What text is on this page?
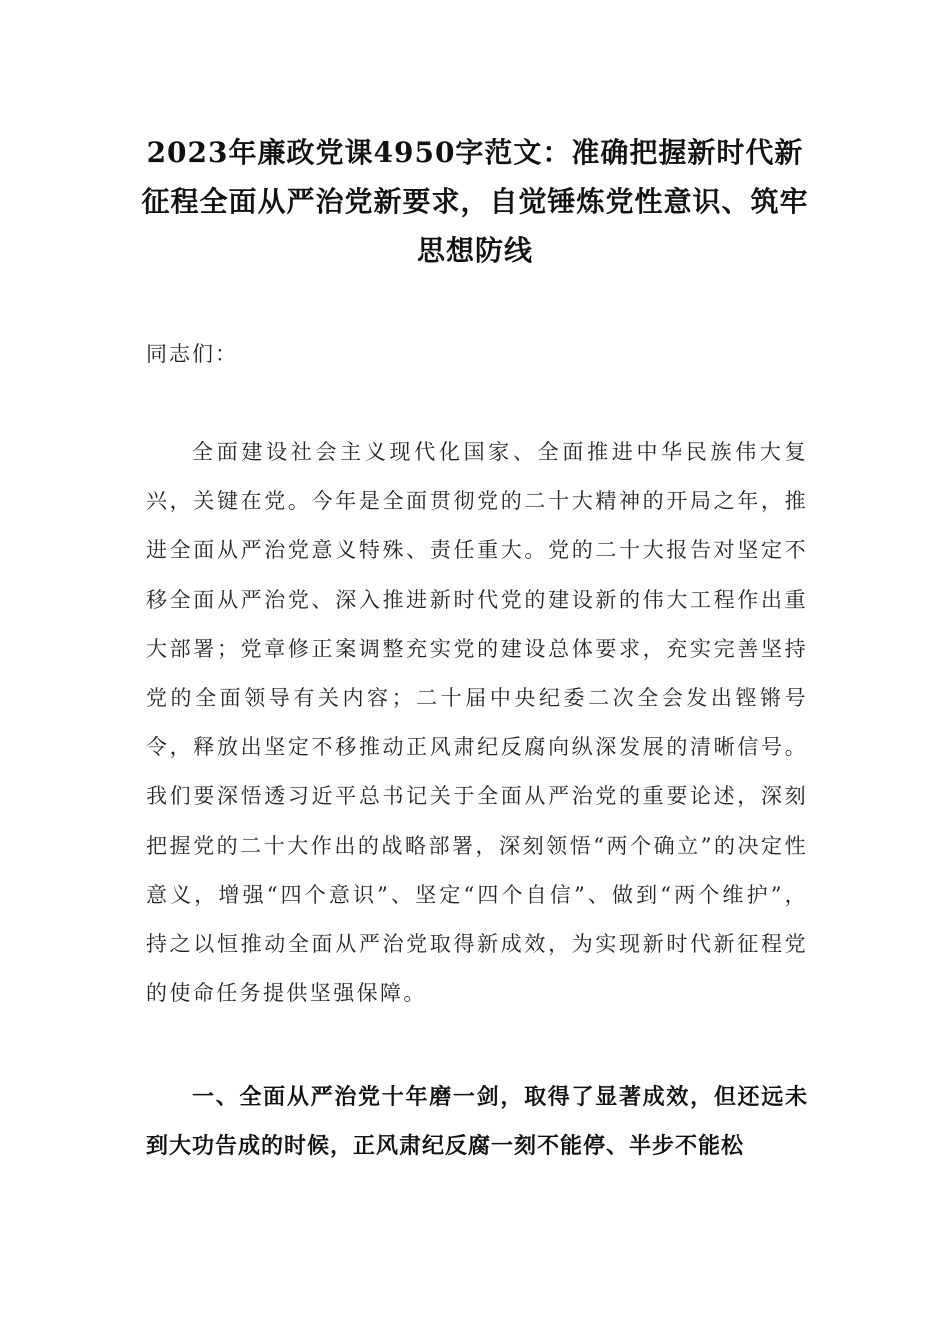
2023年廉政党课4950字范文：准确把握新时代新征程全面从严治党新要求，自觉锤炼党性意识、筑牢思想防线

同志们：

全面建设社会主义现代化国家、全面推进中华民族伟大复兴，关键在党。今年是全面贯彻党的二十大精神的开局之年，推进全面从严治党意义特殊、责任重大。党的二十大报告对坚定不移全面从严治党、深入推进新时代党的建设新的伟大工程作出重大部署；党章修正案调整充实党的建设总体要求，充实完善坚持党的全面领导有关内容；二十届中央纪委二次全会发出铿锵号令，释放出坚定不移推动正风肃纪反腐向纵深发展的清晰信号。我们要深悟透习近平总书记关于全面从严治党的重要论述，深刻把握党的二十大作出的战略部署，深刻领悟“两个确立”的决定性意义，增强“四个意识”、坚定“四个自信”、做到“两个维护”，持之以恒推动全面从严治党取得新成效，为实现新时代新征程党的使命任务提供坚强保障。

一、全面从严治党十年磨一剑，取得了显著成效，但还远未到大功告成的时候，正风肃纪反腐一刻不能停、半步不能松
